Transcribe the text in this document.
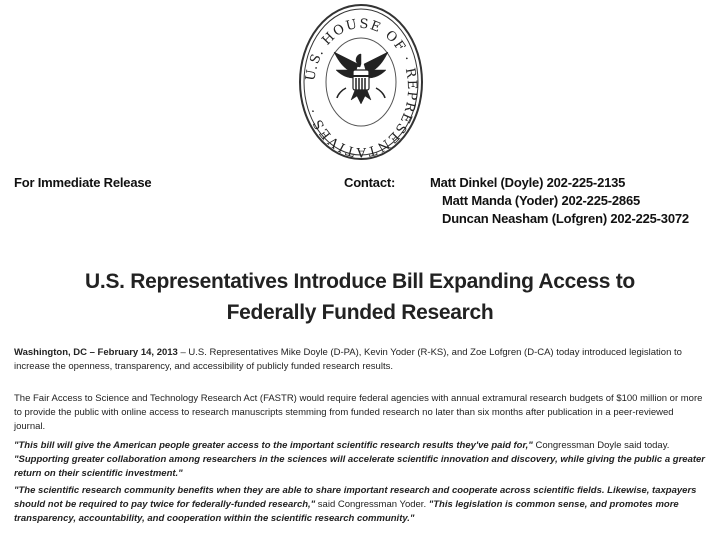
U.S. HOUSE OF · REPRESENTATIVES ·
For Immediate Release	Contact:	Matt Dinkel (Doyle) 202-225-2135
Matt Manda (Yoder) 202-225-2865
Duncan Neasham (Lofgren) 202-225-3072
U.S. Representatives Introduce Bill Expanding Access to
Federally Funded Research
Washington, DC – February 14, 2013 – U.S. Representatives Mike Doyle (D-PA), Kevin Yoder (R-KS), and Zoe Lofgren (D-CA) today introduced legislation to increase the openness, transparency, and accessibility of publicly funded research results.
The Fair Access to Science and Technology Research Act (FASTR) would require federal agencies with annual extramural research budgets of $100 million or more to provide the public with online access to research manuscripts stemming from funded research no later than six months after publication in a peer-reviewed journal.
"This bill will give the American people greater access to the important scientific research results they've paid for," Congressman Doyle said today. "Supporting greater collaboration among researchers in the sciences will accelerate scientific innovation and discovery, while giving the public a greater return on their scientific investment."
"The scientific research community benefits when they are able to share important research and cooperate across scientific fields. Likewise, taxpayers should not be required to pay twice for federally-funded research," said Congressman Yoder. "This legislation is common sense, and promotes more transparency, accountability, and cooperation within the scientific research community."
